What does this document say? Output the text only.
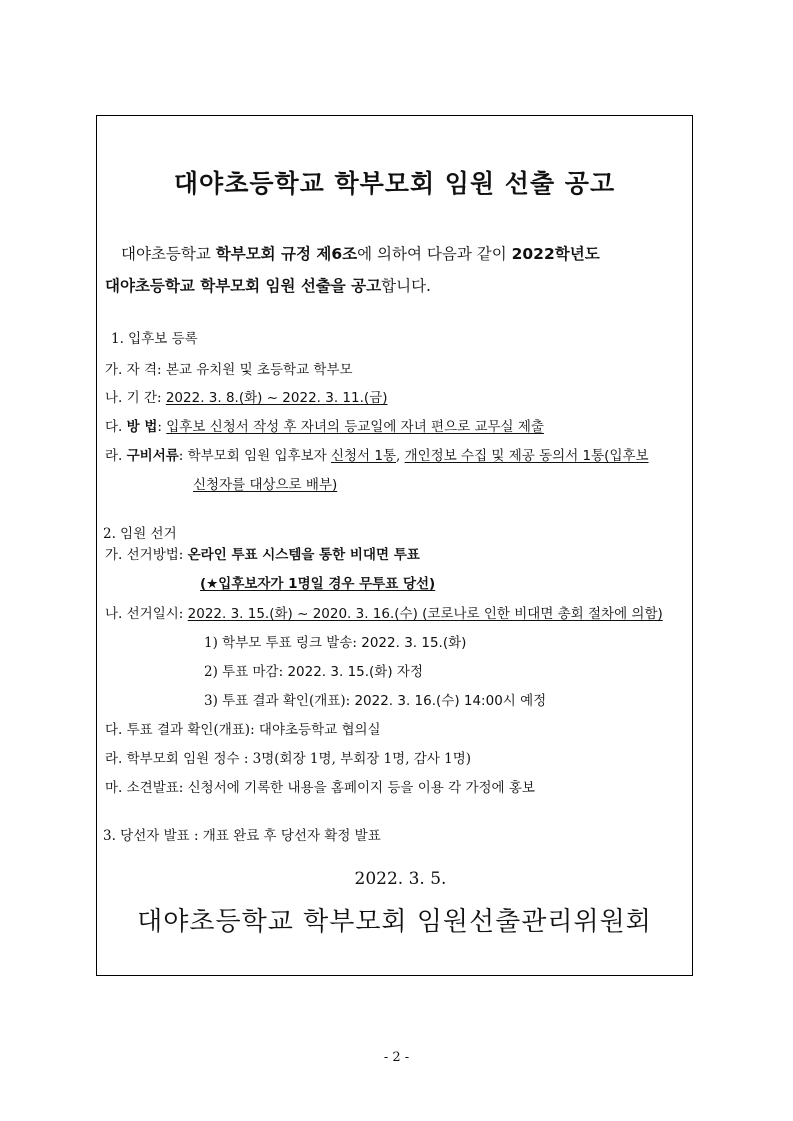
대야초등학교 학부모회 임원 선출 공고
대야초등학교 학부모회 규정 제6조에 의하여 다음과 같이 2022학년도
대야초등학교 학부모회 임원 선출을 공고합니다.
1. 입후보 등록
가. 자 격: 본교 유치원 및 초등학교 학부모
나. 기 간: 2022. 3. 8.(화) ~ 2022. 3. 11.(금)
다. 방 법: 입후보 신청서 작성 후 자녀의 등교일에 자녀 편으로 교무실 제출
라. 구비서류: 학부모회 임원 입후보자 신청서 1통, 개인정보 수집 및 제공 동의서 1통(입후보
신청자를 대상으로 배부)
2. 임원 선거
가. 선거방법: 온라인 투표 시스템을 통한 비대면 투표
(★입후보자가 1명일 경우 무투표 당선)
나. 선거일시: 2022. 3. 15.(화) ~ 2020. 3. 16.(수) (코로나로 인한 비대면 총회 절차에 의함)
1) 학부모 투표 링크 발송: 2022. 3. 15.(화)
2) 투표 마감: 2022. 3. 15.(화) 자정
3) 투표 결과 확인(개표): 2022. 3. 16.(수) 14:00시 예정
다. 투표 결과 확인(개표): 대야초등학교 협의실
라. 학부모회 임원 정수 : 3명(회장 1명, 부회장 1명, 감사 1명)
마. 소견발표: 신청서에 기록한 내용을 홈페이지 등을 이용 각 가정에 홍보
3. 당선자 발표 : 개표 완료 후 당선자 확정 발표
2022. 3. 5.
대야초등학교 학부모회 임원선출관리위원회
- 2 -
